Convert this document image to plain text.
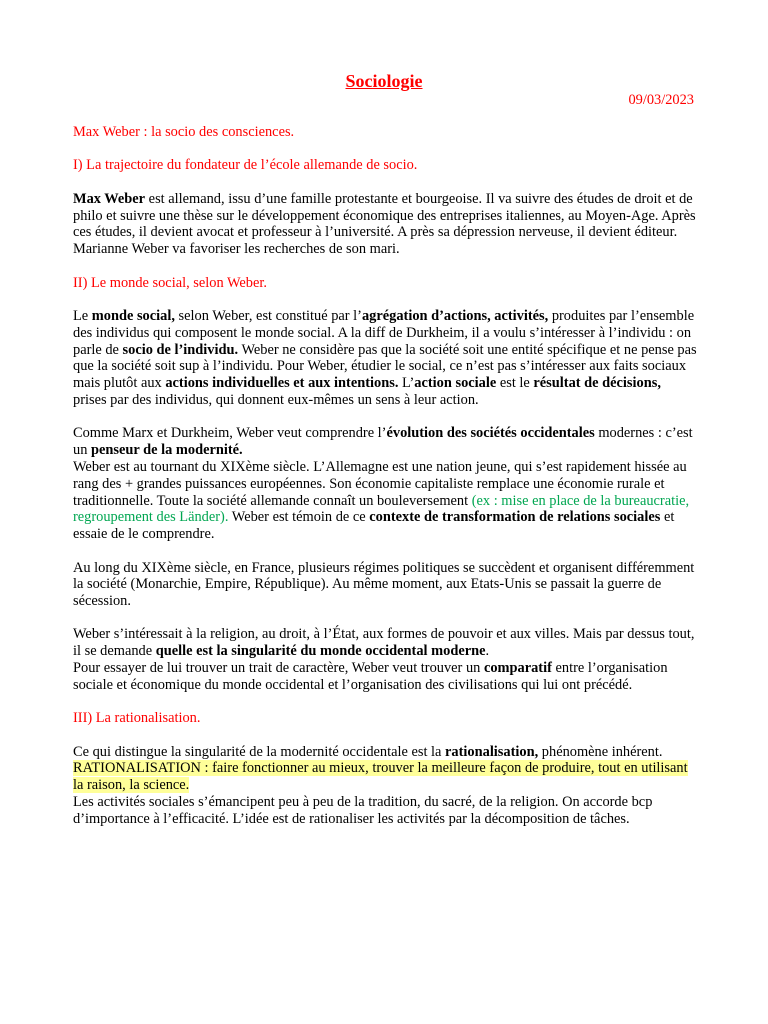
Sociologie
09/03/2023

Max Weber : la socio des consciences.

I) La trajectoire du fondateur de l’école allemande de socio.

Max Weber est allemand, issu d’une famille protestante et bourgeoise. Il va suivre des études de droit et de philo et suivre une thèse sur le développement économique des entreprises italiennes, au Moyen-Age. Après ces études, il devient avocat et professeur à l’université. A près sa dépression nerveuse, il devient éditeur. Marianne Weber va favoriser les recherches de son mari.

II) Le monde social, selon Weber.

Le monde social, selon Weber, est constitué par l’agrégation d’actions, activités, produites par l’ensemble des individus qui composent le monde social. A la diff de Durkheim, il a voulu s’intéresser à l’individu : on parle de socio de l’individu. Weber ne considère pas que la société soit une entité spécifique et ne pense pas que la société soit sup à l’individu. Pour Weber, étudier le social, ce n’est pas s’intéresser aux faits sociaux mais plutôt aux actions individuelles et aux intentions. L’action sociale est le résultat de décisions, prises par des individus, qui donnent eux-mêmes un sens à leur action.

Comme Marx et Durkheim, Weber veut comprendre l’évolution des sociétés occidentales modernes : c’est un penseur de la modernité.
Weber est au tournant du XIXème siècle. L’Allemagne est une nation jeune, qui s’est rapidement hissée au rang des + grandes puissances européennes. Son économie capitaliste remplace une économie rurale et traditionnelle. Toute la société allemande connaît un bouleversement (ex : mise en place de la bureaucratie, regroupement des Länder). Weber est témoin de ce contexte de transformation de relations sociales et essaie de le comprendre.

Au long du XIXème siècle, en France, plusieurs régimes politiques se succèdent et organisent différemment la société (Monarchie, Empire, République). Au même moment, aux Etats-Unis se passait la guerre de sécession.

Weber s’intéressait à la religion, au droit, à l’État, aux formes de pouvoir et aux villes. Mais par dessus tout, il se demande quelle est la singularité du monde occidental moderne.
Pour essayer de lui trouver un trait de caractère, Weber veut trouver un comparatif entre l’organisation sociale et économique du monde occidental et l’organisation des civilisations qui lui ont précédé.

III) La rationalisation.

Ce qui distingue la singularité de la modernité occidentale est la rationalisation, phénomène inhérent.
RATIONALISATION : faire fonctionner au mieux, trouver la meilleure façon de produire, tout en utilisant la raison, la science.
Les activités sociales s’émancipent peu à peu de la tradition, du sacré, de la religion. On accorde bcp d’importance à l’efficacité. L’idée est de rationaliser les activités par la décomposition de tâches.
